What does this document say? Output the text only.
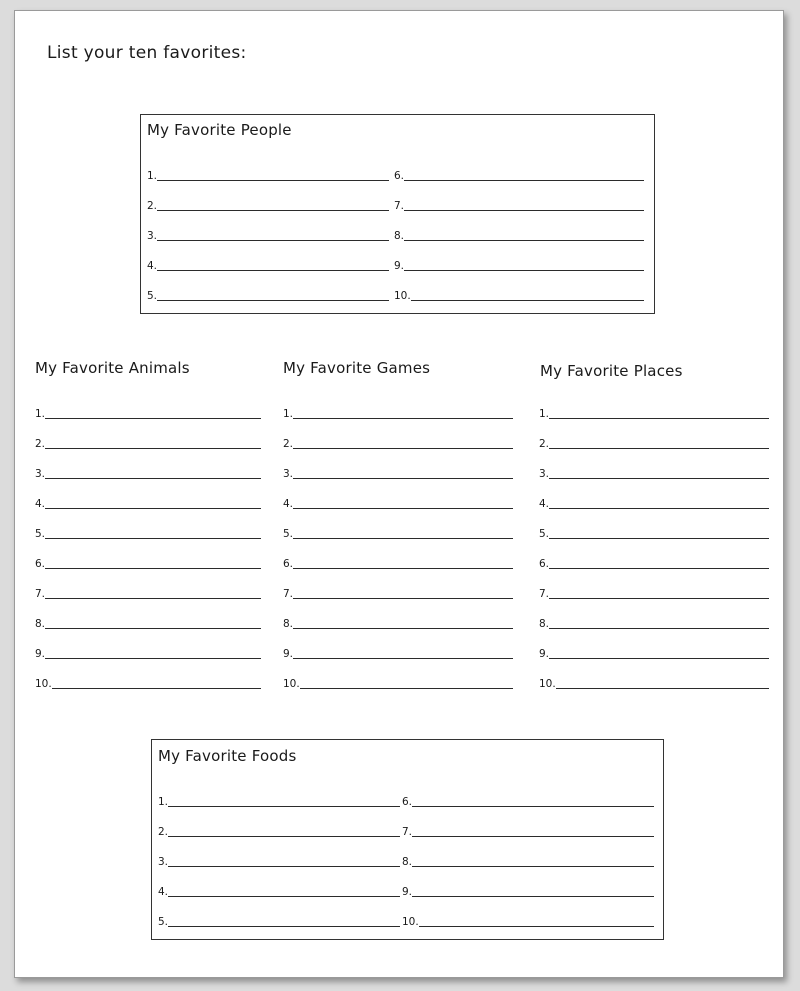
List your ten favorites:
My Favorite People
1.
2.
3.
4.
5.
6.
7.
8.
9.
10.
My Favorite Animals	My Favorite Games	My Favorite Places
My Favorite Foods
1.
2.
3.
4.
5.
6.
7.
8.
9.
10.
1.
2.
3.
4.
5.
6.
7.
8.
9.
10.
1.
2.
3.
4.
5.
6.
7.
8.
9.
10.
1.
2.
3.
4.
5.
6.
7.
8.
9.
10.
